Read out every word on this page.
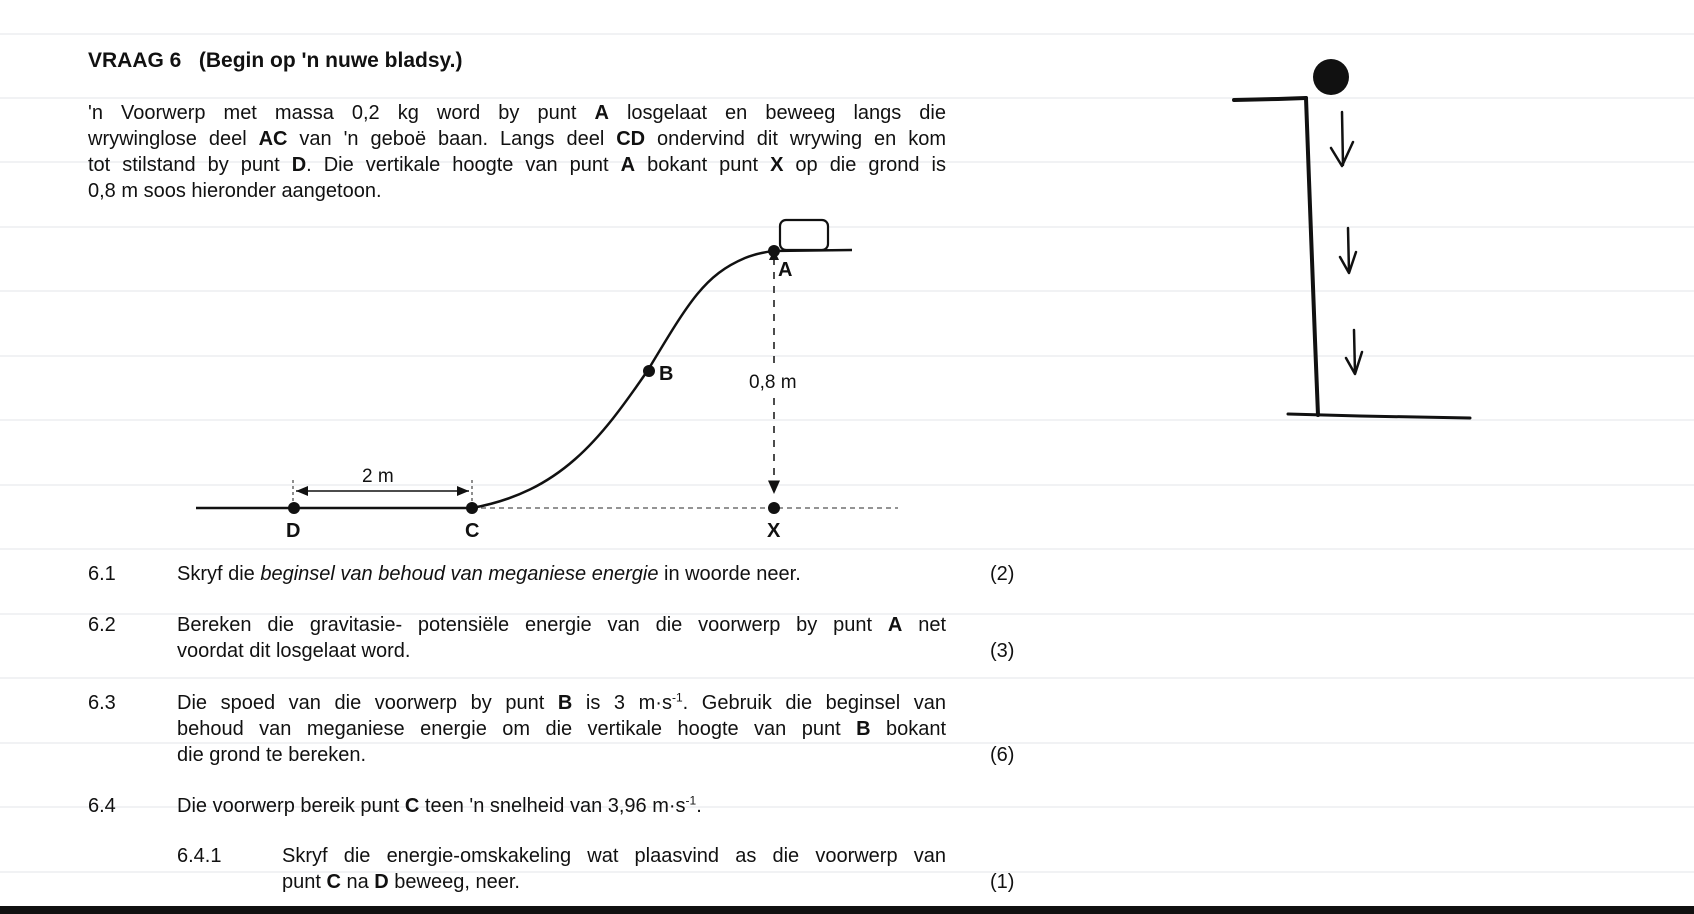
VRAAG 6 (Begin op 'n nuwe bladsy.)
'n Voorwerp met massa 0,2 kg word by punt A losgelaat en beweeg langs die
wrywinglose deel AC van 'n geboë baan. Langs deel CD ondervind dit wrywing en kom
tot stilstand by punt D. Die vertikale hoogte van punt A bokant punt X op die grond is
0,8 m soos hieronder aangetoon.
A
B
C
D	X
0,8 m
2 m
6.1	Skryf die beginsel van behoud van meganiese energie in woorde neer.	(2)
6.2	Bereken die gravitasie- potensiële energie van die voorwerp by punt A net
voordat dit losgelaat word.	(3)
6.3	Die spoed van die voorwerp by punt B is 3 $m\cdot s^{-1}$. Gebruik die beginsel van
behoud van meganiese energie om die vertikale hoogte van punt B bokant
die grond te bereken.	(6)
6.4	Die voorwerp bereik punt C teen 'n snelheid van 3,96 $m\cdot s^{-1}$.
6.4.1	Skryf die energie-omskakeling wat plaasvind as die voorwerp van
punt C na D beweeg, neer.	(1)
